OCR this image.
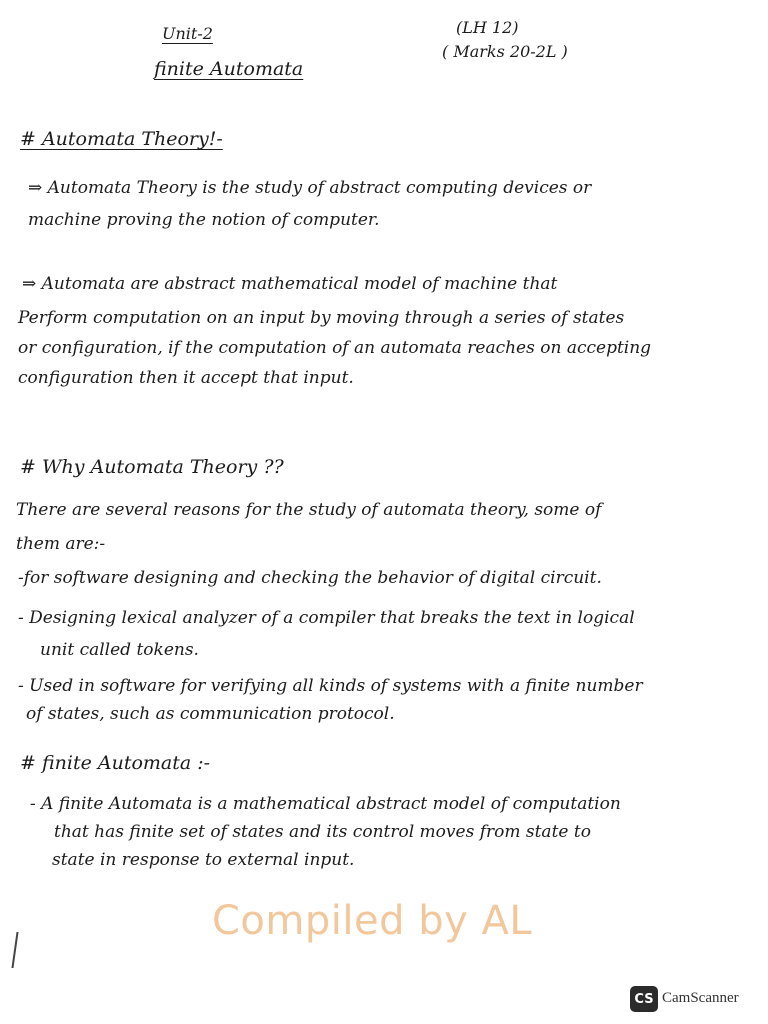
Unit-2	(LH 12)
( Marks 20-2L )
finite Automata
# Automata Theory!-
⇒ Automata Theory is the study of abstract computing devices or
machine proving the notion of computer.
⇒ Automata are abstract mathematical model of machine that
Perform computation on an input by moving through a series of states
or configuration, if the computation of an automata reaches on accepting
configuration then it accept that input.
# Why Automata Theory ??
There are several reasons for the study of automata theory, some of
them are:-
-for software designing and checking the behavior of digital circuit.
- Designing lexical analyzer of a compiler that breaks the text in logical
unit called tokens.
- Used in software for verifying all kinds of systems with a finite number
of states, such as communication protocol.
# finite Automata :-
- A finite Automata is a mathematical abstract model of computation
that has finite set of states and its control moves from state to
state in response to external input.
Compiled by AL
CS CamScanner
